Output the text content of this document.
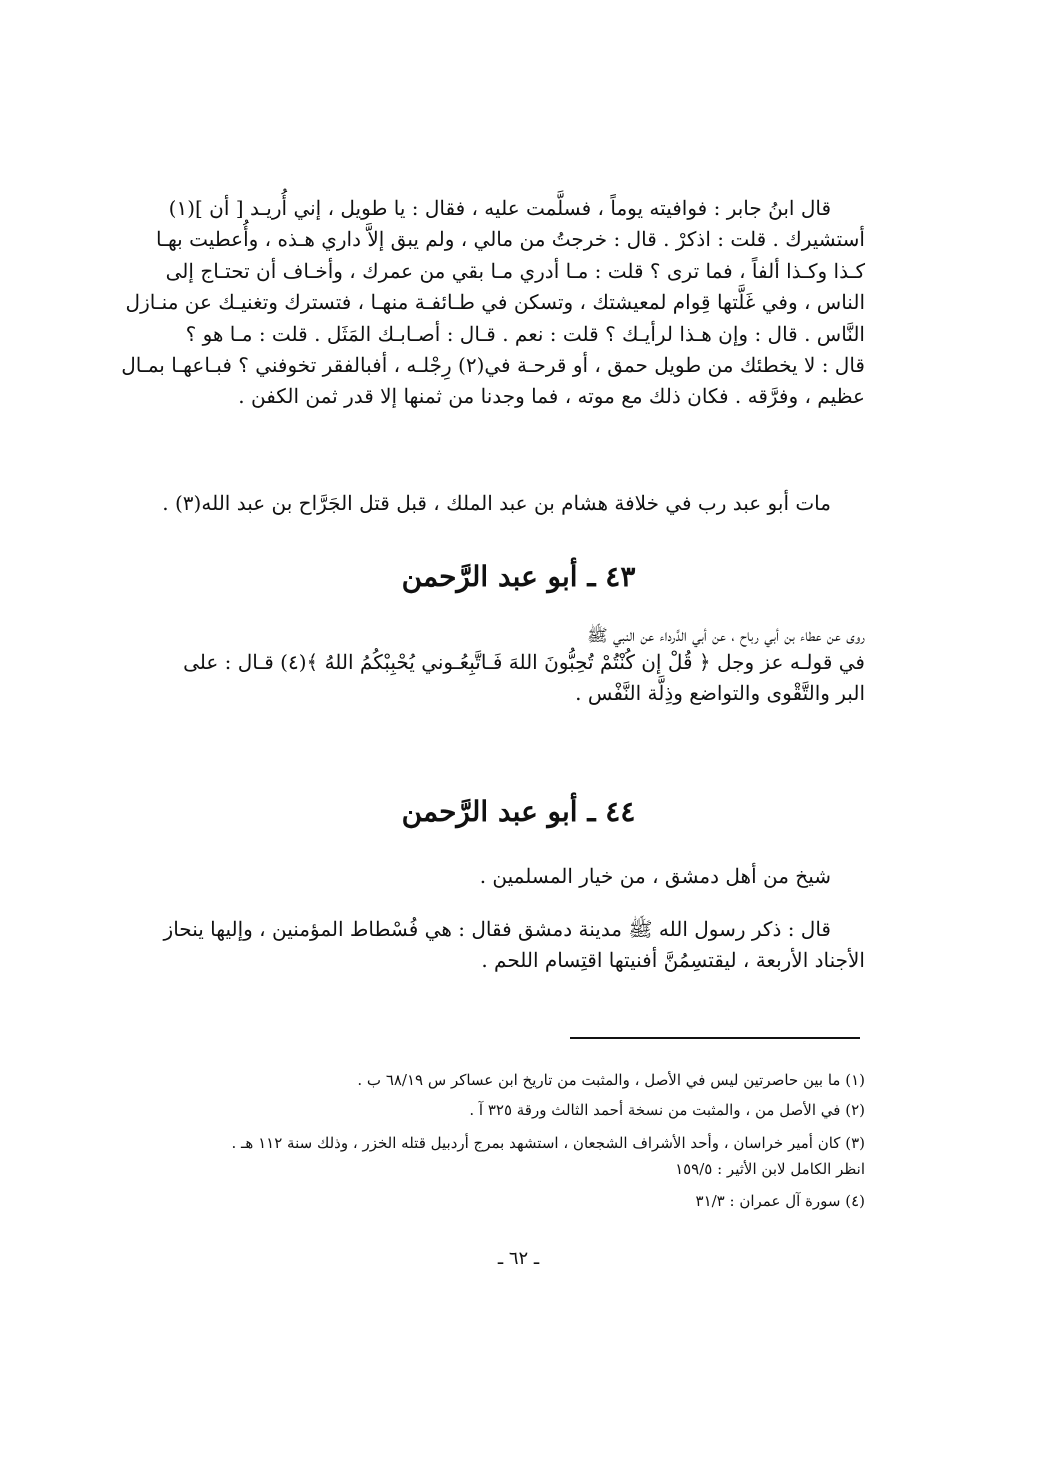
قال ابنُ جابر : فوافيته يوماً ، فسلَّمت عليه ، فقال : يا طويل ، إني أُريـد [ أن ](١)
أستشيرك . قلت : اذكرْ . قال : خرجتُ من مالي ، ولم يبق إلاَّ داري هـذه ، وأُعطيت بهـا
كـذا وكـذا ألفاً ، فما ترى ؟ قلت : مـا أدري مـا بقي من عمرك ، وأخـاف أن تحتـاج إلى
الناس ، وفي غَلَّتها قِوام لمعيشتك ، وتسكن في طـائفـة منهـا ، فتسترك وتغنيـك عن منـازل
النَّاس . قال : وإن هـذا لرأيـك ؟ قلت : نعم . قـال : أصـابـك المَثَل . قلت : مـا هو ؟
قال : لا يخطئك من طويل حمق ، أو قرحـة في(٢) رِجْلـه ، أفبالفقر تخوفني ؟ فبـاعهـا بمـال
عظيم ، وفرَّقه . فكان ذلك مع موته ، فما وجدنا من ثمنها إلا قدر ثمن الكفن .

مات أبو عبد رب في خلافة هشام بن عبد الملك ، قبل قتل الجَرَّاح بن عبد الله(٣) .

٤٣ ـ أبو عبد الرَّحمن

روى عن عطاء بن أبي رباح ، عن أبي الدَّرداء عن النبي ﷺ

في قولـه عز وجل ﴿ قُلْ إن كُنْتُمْ تُحِبُّونَ اللهَ فَـاتَّبِعُـوني يُحْبِبْكُمُ اللهُ ﴾(٤) قـال : على
البر والتَّقْوى والتواضع وذِلَّة النَّفْس .

٤٤ ـ أبو عبد الرَّحمن

شيخ من أهل دمشق ، من خيار المسلمين .

قال : ذكر رسول الله ﷺ مدينة دمشق فقال : هي فُسْطاط المؤمنين ، وإليها ينحاز
الأجناد الأربعة ، ليقتسِمُنَّ أفنيتها اقتِسام اللحم .

(١) ما بين حاصرتين ليس في الأصل ، والمثبت من تاريخ ابن عساكر س ٦٨/١٩ ب .

(٢) في الأصل من ، والمثبت من نسخة أحمد الثالث ورقة ٣٢٥ آ .

(٣) كان أمير خراسان ، وأحد الأشراف الشجعان ، استشهد بمرج أردبيل قتله الخزر ، وذلك سنة ١١٢ هـ .

انظر الكامل لابن الأثير : ١٥٩/٥

(٤) سورة آل عمران : ٣١/٣

ـ ٦٢ ـ
